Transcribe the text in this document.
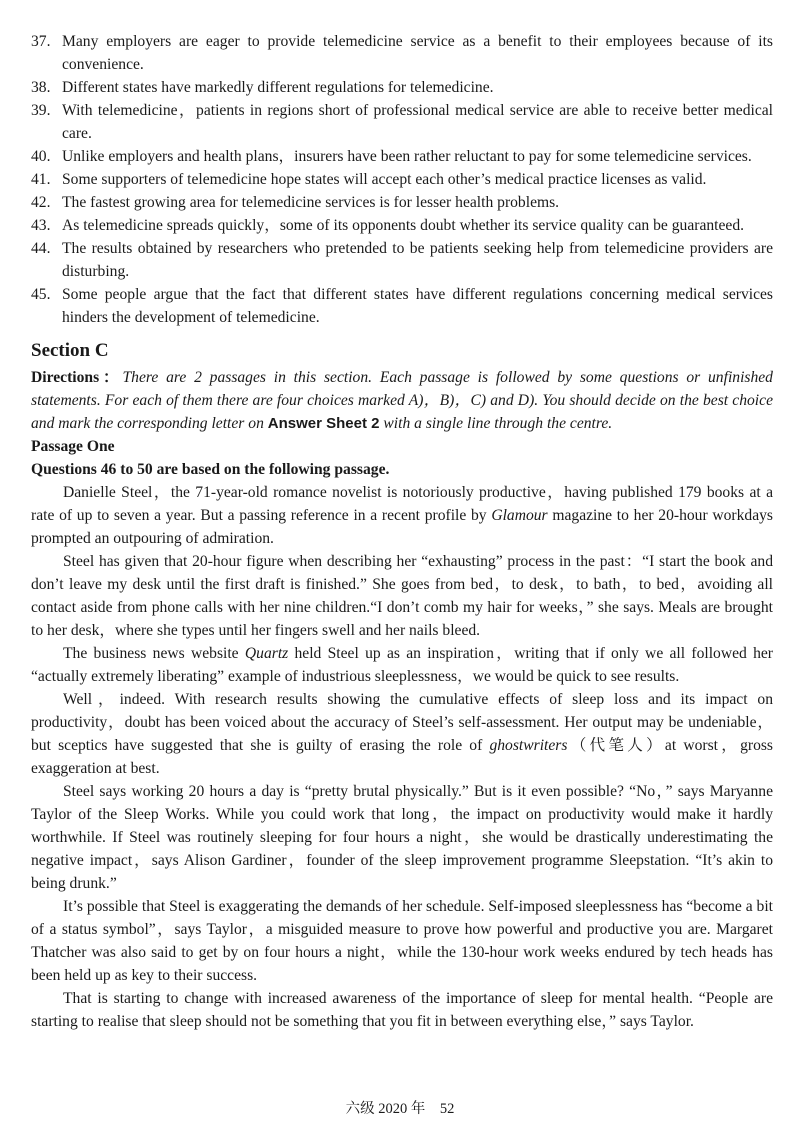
37. Many employers are eager to provide telemedicine service as a benefit to their employees because of its convenience.
38. Different states have markedly different regulations for telemedicine.
39. With telemedicine，patients in regions short of professional medical service are able to receive better medical care.
40. Unlike employers and health plans，insurers have been rather reluctant to pay for some telemedicine services.
41. Some supporters of telemedicine hope states will accept each other’s medical practice licenses as valid.
42. The fastest growing area for telemedicine services is for lesser health problems.
43. As telemedicine spreads quickly，some of its opponents doubt whether its service quality can be guaranteed.
44. The results obtained by researchers who pretended to be patients seeking help from telemedicine providers are disturbing.
45. Some people argue that the fact that different states have different regulations concerning medical services hinders the development of telemedicine.
Section C
Directions：There are 2 passages in this section. Each passage is followed by some questions or unfinished statements. For each of them there are four choices marked A)，B)，C) and D). You should decide on the best choice and mark the corresponding letter on Answer Sheet 2 with a single line through the centre.
Passage One
Questions 46 to 50 are based on the following passage.
Danielle Steel，the 71-year-old romance novelist is notoriously productive，having published 179 books at a rate of up to seven a year. But a passing reference in a recent profile by Glamour magazine to her 20-hour workdays prompted an outpouring of admiration.
Steel has given that 20-hour figure when describing her “exhausting” process in the past：“I start the book and don’t leave my desk until the first draft is finished.” She goes from bed，to desk，to bath，to bed，avoiding all contact aside from phone calls with her nine children.“I don’t comb my hair for weeks，” she says. Meals are brought to her desk，where she types until her fingers swell and her nails bleed.
The business news website Quartz held Steel up as an inspiration，writing that if only we all followed her “actually extremely liberating” example of industrious sleeplessness，we would be quick to see results.
Well，indeed. With research results showing the cumulative effects of sleep loss and its impact on productivity，doubt has been voiced about the accuracy of Steel’s self-assessment. Her output may be undeniable，but sceptics have suggested that she is guilty of erasing the role of ghostwriters（代笔人）at worst，gross exaggeration at best.
Steel says working 20 hours a day is “pretty brutal physically.” But is it even possible? “No，” says Maryanne Taylor of the Sleep Works. While you could work that long，the impact on productivity would make it hardly worthwhile. If Steel was routinely sleeping for four hours a night，she would be drastically underestimating the negative impact，says Alison Gardiner，founder of the sleep improvement programme Sleepstation. “It’s akin to being drunk.”
It’s possible that Steel is exaggerating the demands of her schedule. Self-imposed sleeplessness has “become a bit of a status symbol”，says Taylor，a misguided measure to prove how powerful and productive you are. Margaret Thatcher was also said to get by on four hours a night，while the 130-hour work weeks endured by tech heads has been held up as key to their success.
That is starting to change with increased awareness of the importance of sleep for mental health. “People are starting to realise that sleep should not be something that you fit in between everything else，” says Taylor.
六级 2020 年　52
